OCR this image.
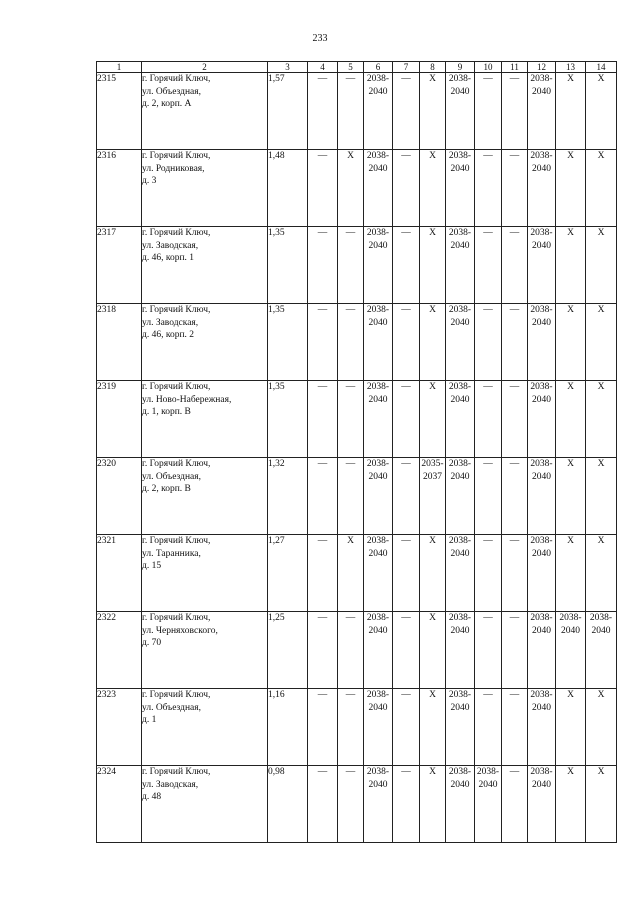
233
1	2	3	4	5	6	7	8	9	10	11	12	13	14
2315	г. Горячий Ключ,
ул. Объездная,
д. 2, корп. А	1,57	—	—	2038-
2040	—	X	2038-
2040	—	—	2038-
2040	X	X

2316	г. Горячий Ключ,
ул. Родниковая,
д. 3	1,48	—	X	2038-
2040	—	X	2038-
2040	—	—	2038-
2040	X	X

2317	г. Горячий Ключ,
ул. Заводская,
д. 46, корп. 1	1,35	—	—	2038-
2040	—	X	2038-
2040	—	—	2038-
2040	X	X

2318	г. Горячий Ключ,
ул. Заводская,
д. 46, корп. 2	1,35	—	—	2038-
2040	—	X	2038-
2040	—	—	2038-
2040	X	X

2319	г. Горячий Ключ,
ул. Ново-Набережная,
д. 1, корп. В	1,35	—	—	2038-
2040	—	X	2038-
2040	—	—	2038-
2040	X	X

2320	г. Горячий Ключ,
ул. Объездная,
д. 2, корп. В	1,32	—	—	2038-
2040	—	2035-
2037	2038-
2040	—	—	2038-
2040	X	X

2321	г. Горячий Ключ,
ул. Таранника,
д. 15	1,27	—	X	2038-
2040	—	X	2038-
2040	—	—	2038-
2040	X	X

2322	г. Горячий Ключ,
ул. Черняховского,
д. 70	1,25	—	—	2038-
2040	—	X	2038-
2040	—	—	2038-
2040	2038-
2040	2038-
2040

2323	г. Горячий Ключ,
ул. Объездная,
д. 1	1,16	—	—	2038-
2040	—	X	2038-
2040	—	—	2038-
2040	X	X

2324	г. Горячий Ключ,
ул. Заводская,
д. 48	0,98	—	—	2038-
2040	—	X	2038-
2040	2038-
2040	—	2038-
2040	X	X
